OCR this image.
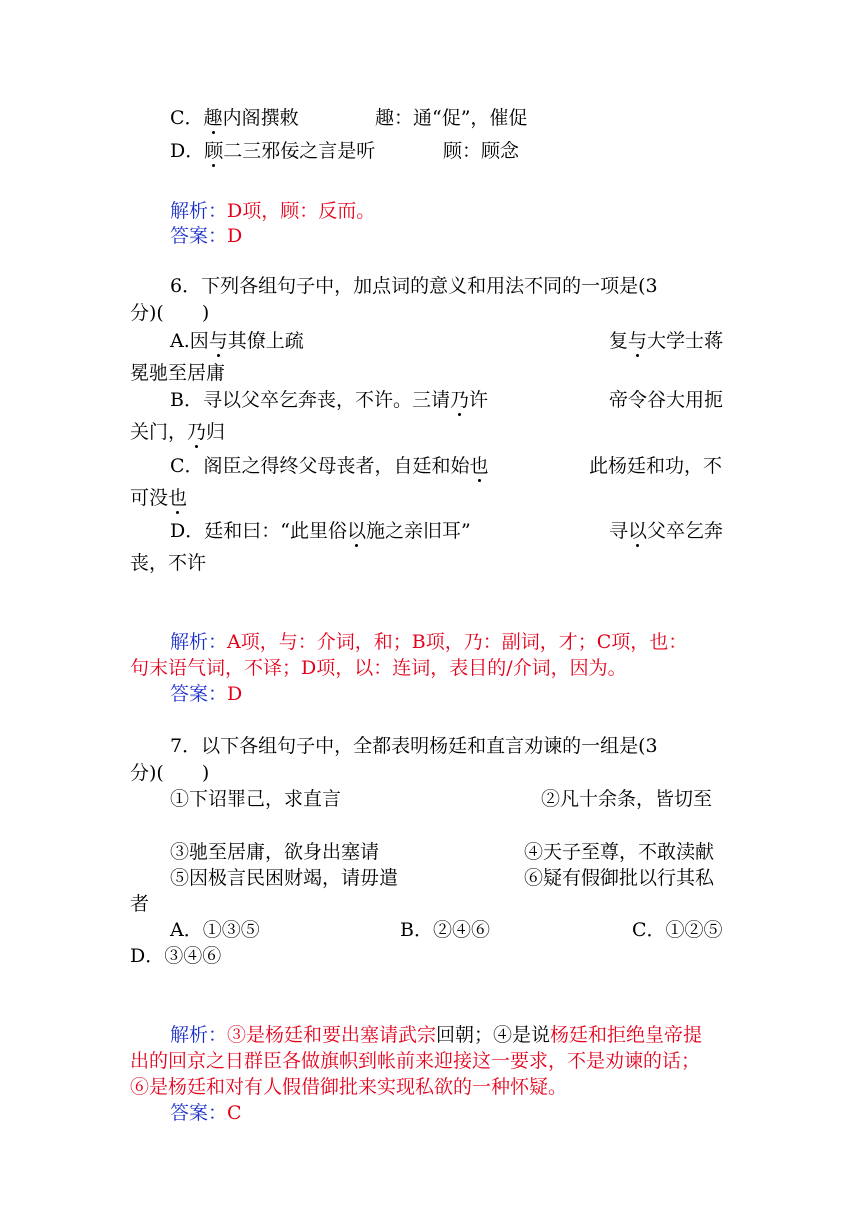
C．趣内阁撰敕	趣：通“促”，催促
D．顾二三邪佞之言是听	顾：顾念
解析：D项，顾：反而。
答案：D
6．下列各组句子中，加点词的意义和用法不同的一项是(3
分)(　　)
A.因与其僚上疏	复与大学士蒋
冕驰至居庸
B．寻以父卒乞奔丧，不许。三请乃许	帝令谷大用扼
关门，乃归
C．阁臣之得终父母丧者，自廷和始也	此杨廷和功，不
可没也
D．廷和曰：“此里俗以施之亲旧耳”	寻以父卒乞奔
丧，不许
解析：A项，与：介词，和；B项，乃：副词，才；C项，也：
句末语气词，不译；D项，以：连词，表目的/介词，因为。
答案：D
7．以下各组句子中，全都表明杨廷和直言劝谏的一组是(3
分)(　　)
①下诏罪己，求直言	②凡十余条，皆切至
③驰至居庸，欲身出塞请	④天子至尊，不敢渎献
⑤因极言民困财竭，请毋遣	⑥疑有假御批以行其私
者
A．①③⑤	B．②④⑥	C．①②⑤
D．③④⑥
解析：③是杨廷和要出塞请武宗回朝；④是说杨廷和拒绝皇帝提
出的回京之日群臣各做旗帜到帐前来迎接这一要求，不是劝谏的话；
⑥是杨廷和对有人假借御批来实现私欲的一种怀疑。
答案：C
